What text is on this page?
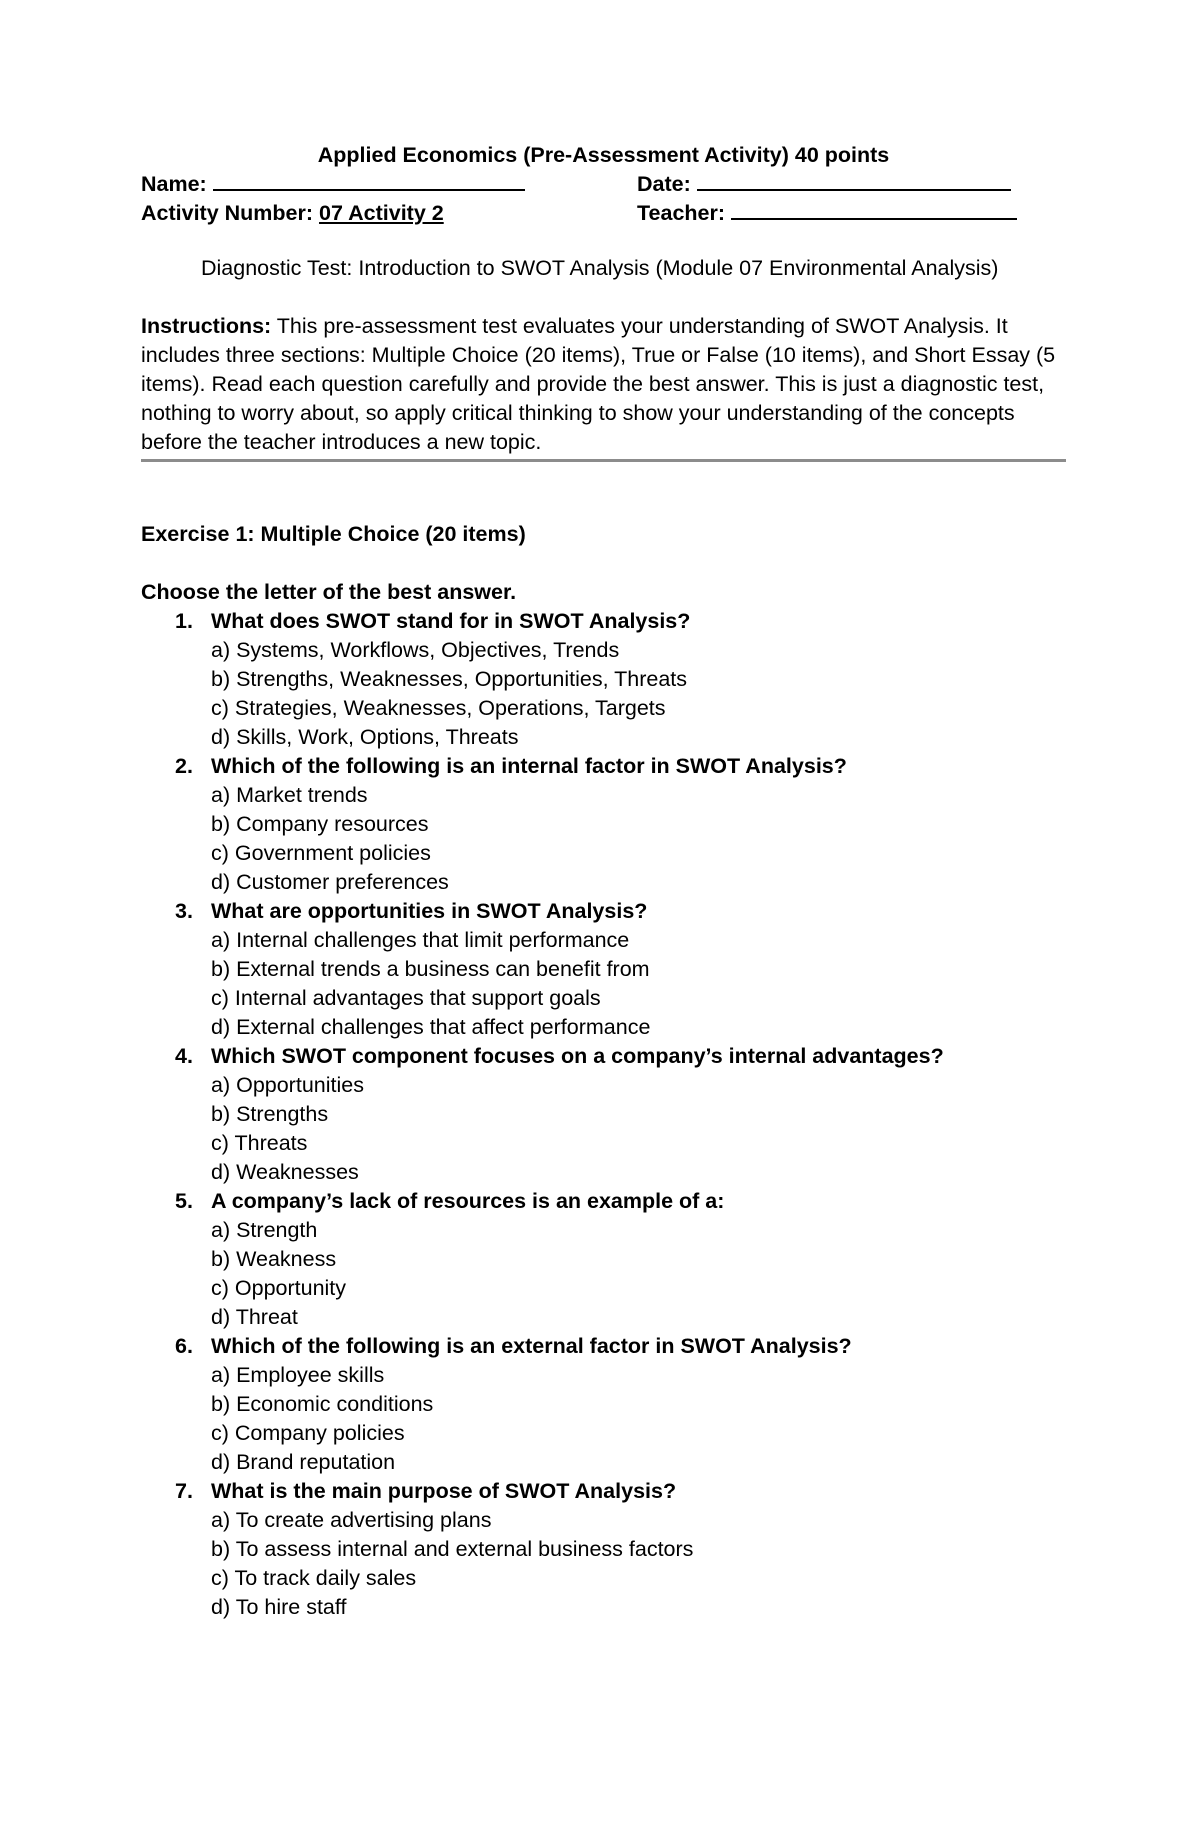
Applied Economics (Pre-Assessment Activity) 40 points

Name:	Date:
Activity Number: 07 Activity 2	Teacher:
Diagnostic Test: Introduction to SWOT Analysis (Module 07 Environmental Analysis)
Instructions: This pre-assessment test evaluates your understanding of SWOT Analysis. It includes three sections: Multiple Choice (20 items), True or False (10 items), and Short Essay (5 items). Read each question carefully and provide the best answer. This is just a diagnostic test, nothing to worry about, so apply critical thinking to show your understanding of the concepts before the teacher introduces a new topic.
Exercise 1: Multiple Choice (20 items)
Choose the letter of the best answer.
1. What does SWOT stand for in SWOT Analysis?
a) Systems, Workflows, Objectives, Trends
b) Strengths, Weaknesses, Opportunities, Threats
c) Strategies, Weaknesses, Operations, Targets
d) Skills, Work, Options, Threats
2. Which of the following is an internal factor in SWOT Analysis?
a) Market trends
b) Company resources
c) Government policies
d) Customer preferences
3. What are opportunities in SWOT Analysis?
a) Internal challenges that limit performance
b) External trends a business can benefit from
c) Internal advantages that support goals
d) External challenges that affect performance
4. Which SWOT component focuses on a company’s internal advantages?
a) Opportunities
b) Strengths
c) Threats
d) Weaknesses
5. A company’s lack of resources is an example of a:
a) Strength
b) Weakness
c) Opportunity
d) Threat
6. Which of the following is an external factor in SWOT Analysis?
a) Employee skills
b) Economic conditions
c) Company policies
d) Brand reputation
7. What is the main purpose of SWOT Analysis?
a) To create advertising plans
b) To assess internal and external business factors
c) To track daily sales
d) To hire staff
